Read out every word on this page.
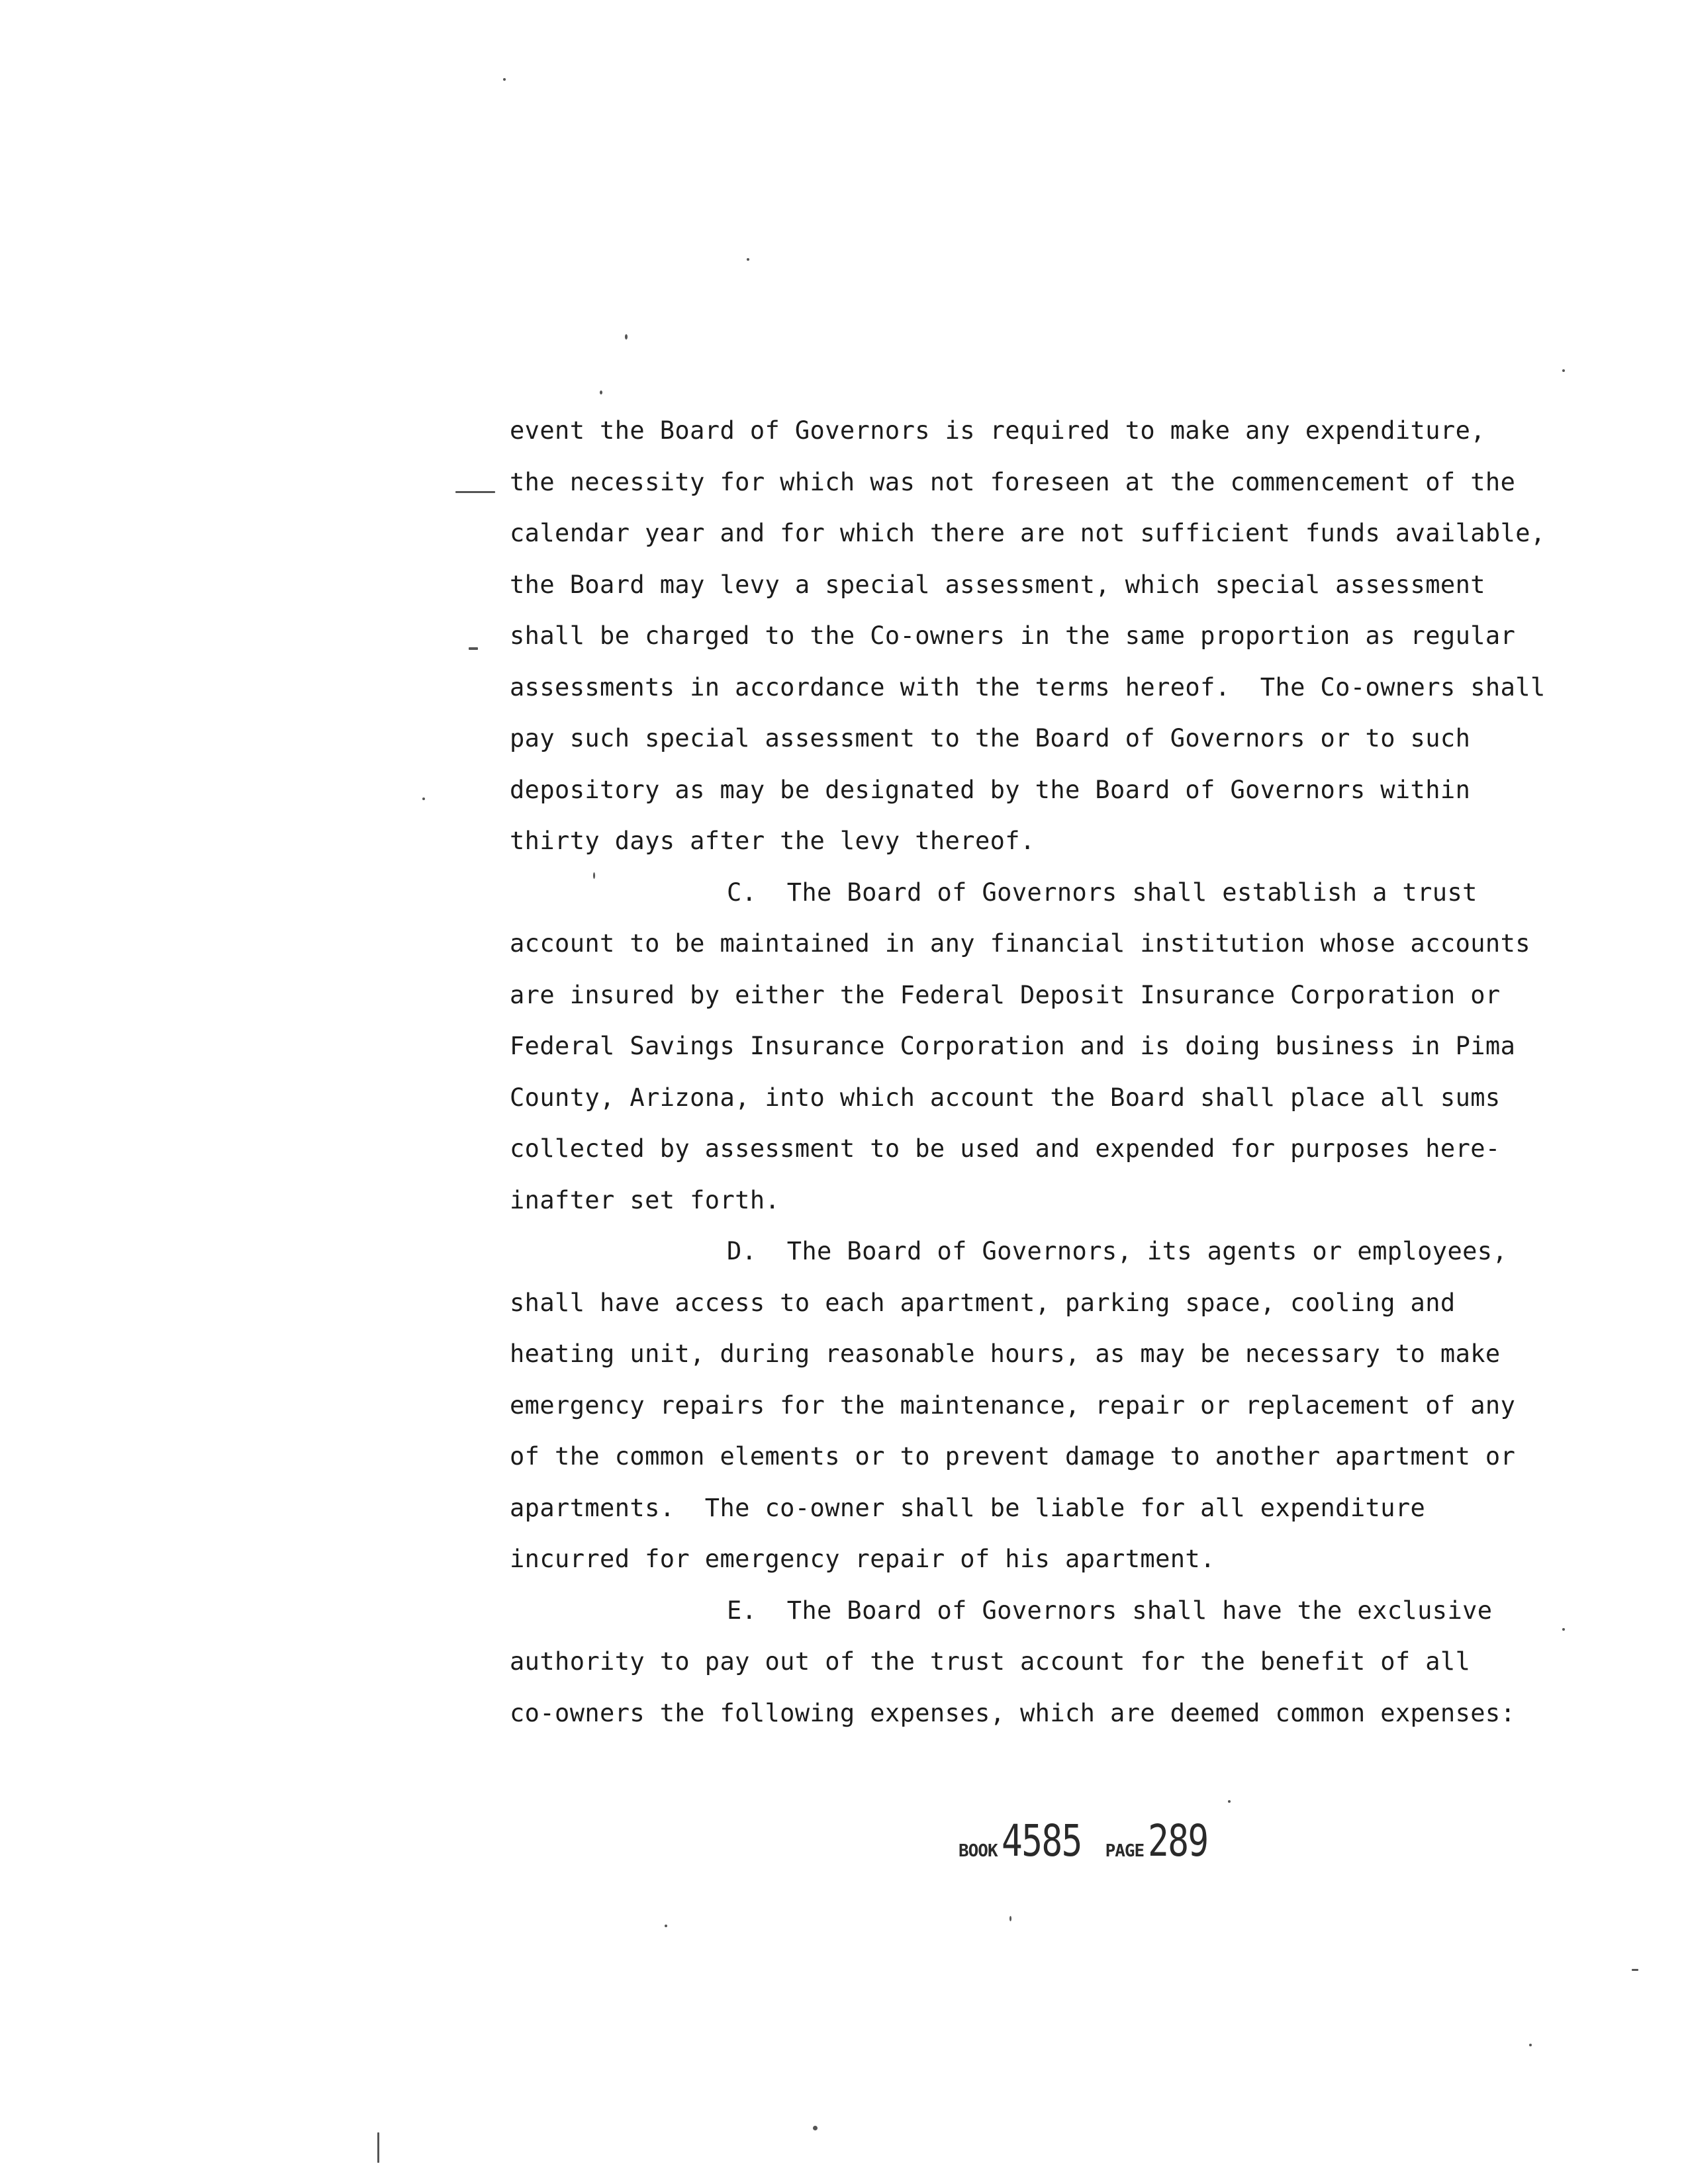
event the Board of Governors is required to make any expenditure,
the necessity for which was not foreseen at the commencement of the
calendar year and for which there are not sufficient funds available,
the Board may levy a special assessment, which special assessment
shall be charged to the Co-owners in the same proportion as regular
assessments in accordance with the terms hereof.  The Co-owners shall
pay such special assessment to the Board of Governors or to such
depository as may be designated by the Board of Governors within
thirty days after the levy thereof.
C.  The Board of Governors shall establish a trust
account to be maintained in any financial institution whose accounts
are insured by either the Federal Deposit Insurance Corporation or
Federal Savings Insurance Corporation and is doing business in Pima
County, Arizona, into which account the Board shall place all sums
collected by assessment to be used and expended for purposes here-
inafter set forth.
D.  The Board of Governors, its agents or employees,
shall have access to each apartment, parking space, cooling and
heating unit, during reasonable hours, as may be necessary to make
emergency repairs for the maintenance, repair or replacement of any
of the common elements or to prevent damage to another apartment or
apartments.  The co-owner shall be liable for all expenditure
incurred for emergency repair of his apartment.
E.  The Board of Governors shall have the exclusive
authority to pay out of the trust account for the benefit of all
co-owners the following expenses, which are deemed common expenses:
BOOK 4585 PAGE 289
